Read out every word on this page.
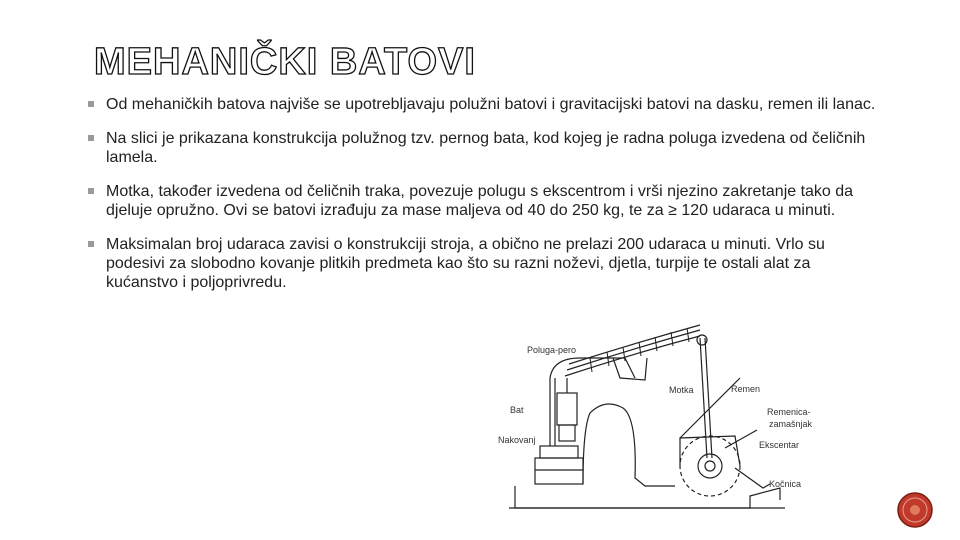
MEHANIČKI BATOVI
Od mehaničkih batova najviše se upotrebljavaju polužni batovi i gravitacijski batovi na dasku, remen ili lanac.
Na slici je prikazana konstrukcija polužnog tzv. pernog bata, kod kojeg je radna poluga izvedena od čeličnih lamela.
Motka, također izvedena od čeličnih traka, povezuje polugu s ekscentrom i vrši njezino zakretanje tako da djeluje opružno. Ovi se batovi izrađuju za mase maljeva od 40 do 250 kg, te za ≥ 120 udaraca u minuti.
Maksimalan broj udaraca zavisi o konstrukciji stroja, a obično ne prelazi 200 udaraca u minuti. Vrlo su podesivi za slobodno kovanje plitkih predmeta kao što su razni noževi, djetla, turpije te ostali alat za kućanstvo i poljoprivredu.
Poluga-pero
Motka	Remen
Bat	Remenica-
zamašnjak
Nakovanj	Ekscentar
Kočnica
